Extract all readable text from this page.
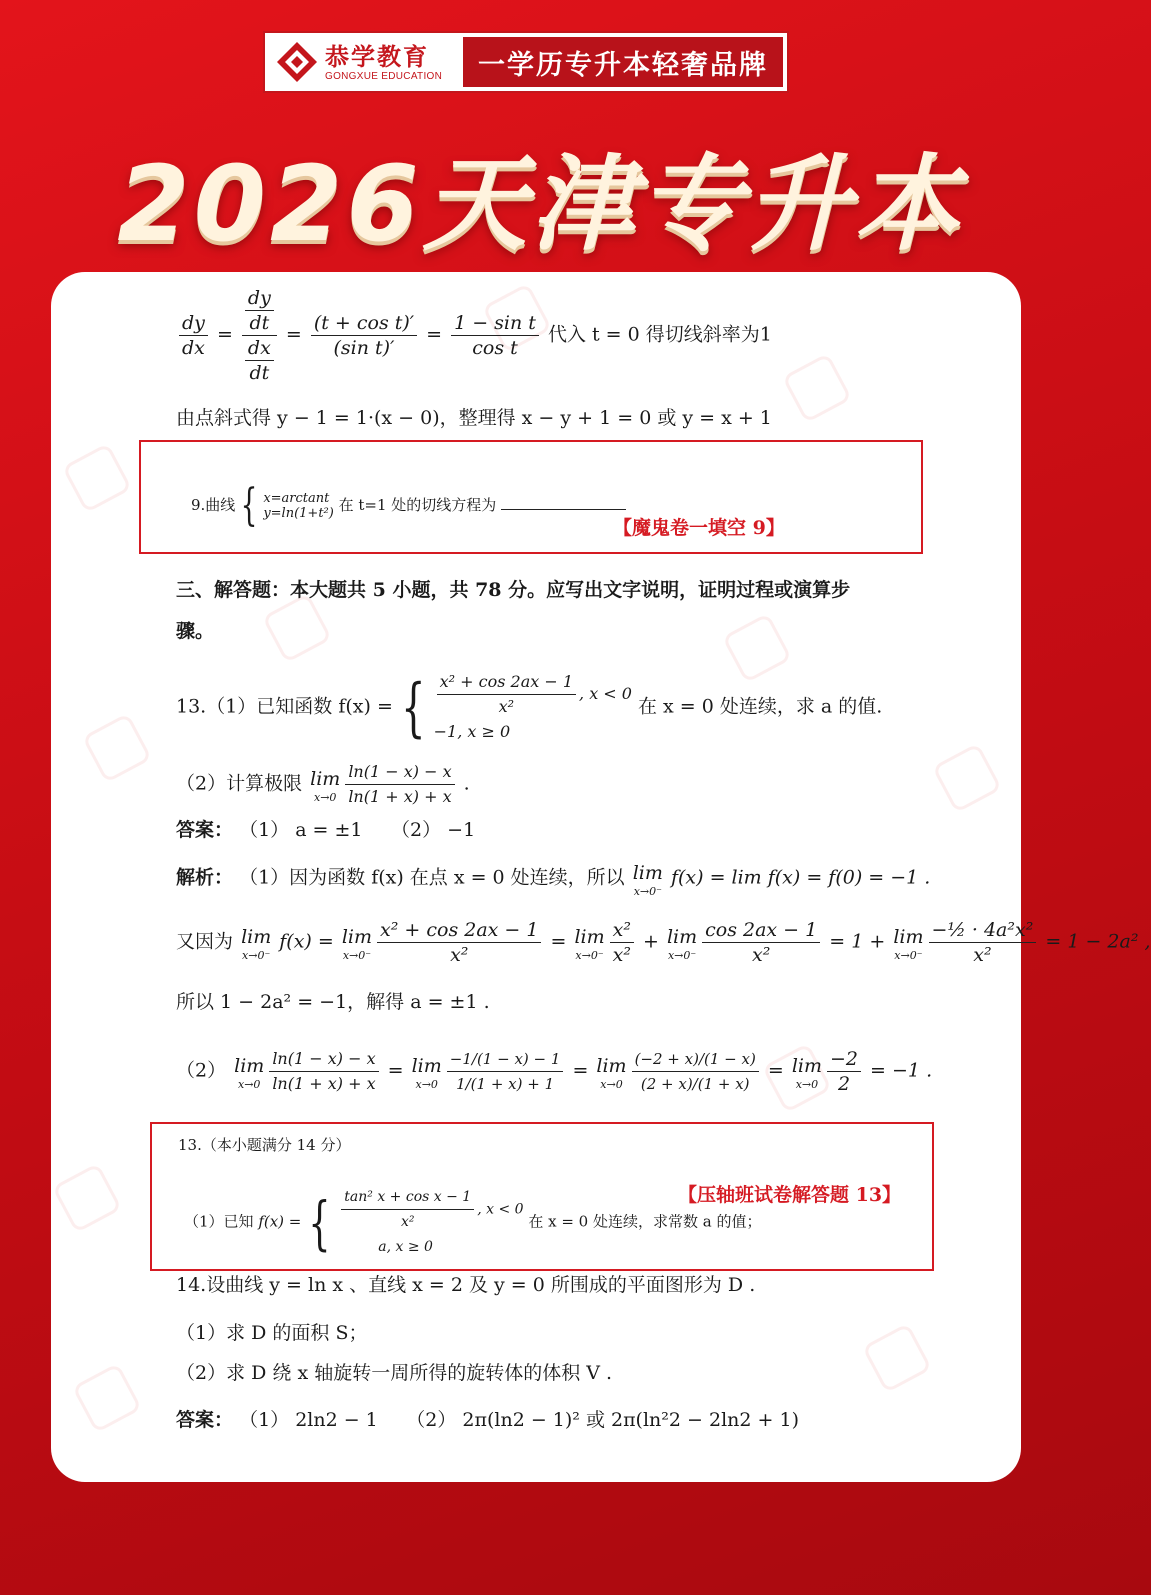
恭学教育
GONGXUE EDUCATION	一学历专升本轻奢品牌
2026天津专升本
$\frac{dy}{dx} = \frac{\frac{dy}{dt}}{\frac{dx}{dt}} = \frac{\text{(t + cos t)′}}{\text{(sin t)′}} = \frac{\text{1 − sin t}}{\text{cos t}}$ 代入 t = 0 得切线斜率为1
由点斜式得 y − 1 = 1·(x − 0)，整理得 x − y + 1 = 0 或 y = x + 1
9.曲线 { x=arctant
y=ln(1+t²) 在 t=1 处的切线方程为
【魔鬼卷一填空 9】
三、解答题：本大题共 5 小题，共 78 分。应写出文字说明，证明过程或演算步
骤。
13.（1）已知函数 f(x) = { $\frac{\text{x² + cos 2ax − 1}}{\text{x²}}$ , x < 0
−1, x ≥ 0
在 x = 0 处连续，求 a 的值.
（2）计算极限 lim
$x\to 0 \frac{\ln(1 - x) - x}{\ln(1 + x) + x}$ .
答案： （1） a = ±1　　（2） −1
解析： （1）因为函数 f(x) 在点 x = 0 处连续，所以 lim
x→0⁻
f(x) = lim f(x) = f(0) = −1 .
又因为 lim
x→0⁻
f(x) = lim
$x\to 0^- \frac{\text{x² + cos 2ax − 1}}{\text{x²}} = \lim$
$x\to 0^- \frac{\text{x²}}{\text{x²}} + \lim$
$x\to 0^- \frac{\cos 2ax - 1}{\text{x²}} = 1 + \lim$
$x\to 0^- \frac{\text{−½ · 4a²x²}}{\text{x²}} = 1 - 2a^2$ ,
所以 1 − 2a² = −1，解得 a = ±1 .
（2） lim
$x\to 0 \frac{\ln(1 - x) - x}{\ln(1 + x) + x} = \lim$
$x\to 0 \frac{-1/(1 - x) - 1}{1/(1 + x) + 1} = \lim$
$x\to 0 \frac{(-2 + x)/(1 - x)}{(2 + x)/(1 + x)} = \lim$
$x\to 0 \frac{-2}{2} = -1$ .
13.（本小题满分 14 分）
（1）已知 f(x) = { $\frac{\text{tan² x + cos x − 1}}{\text{x²}}$ , x < 0
a, x ≥ 0
在 x = 0 处连续，求常数 a 的值；
【压轴班试卷解答题 13】
14.设曲线 y = ln x 、直线 x = 2 及 y = 0 所围成的平面图形为 D .
（1）求 D 的面积 S；
（2）求 D 绕 x 轴旋转一周所得的旋转体的体积 V .
答案： （1） 2ln2 − 1　　（2） 2π(ln2 − 1)² 或 2π(ln²2 − 2ln2 + 1)
